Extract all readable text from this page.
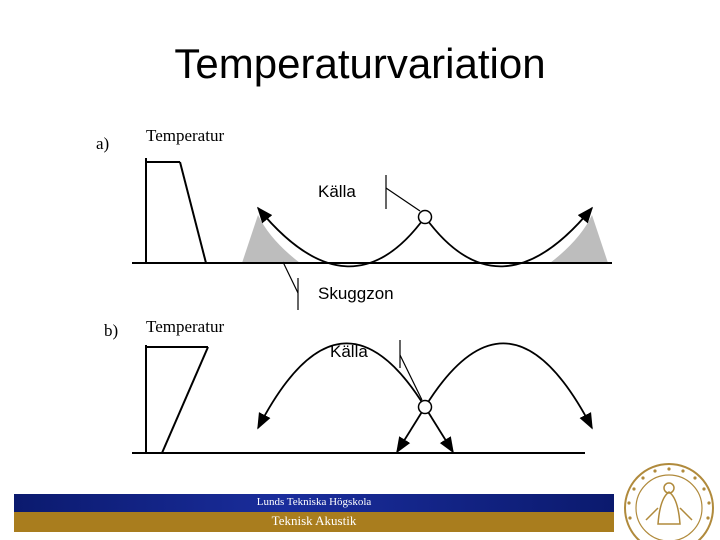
Temperaturvariation
a) Temperatur
Källa
Skuggzon
b) Temperatur
Källa
Lunds Tekniska Högskola
Teknisk Akustik
